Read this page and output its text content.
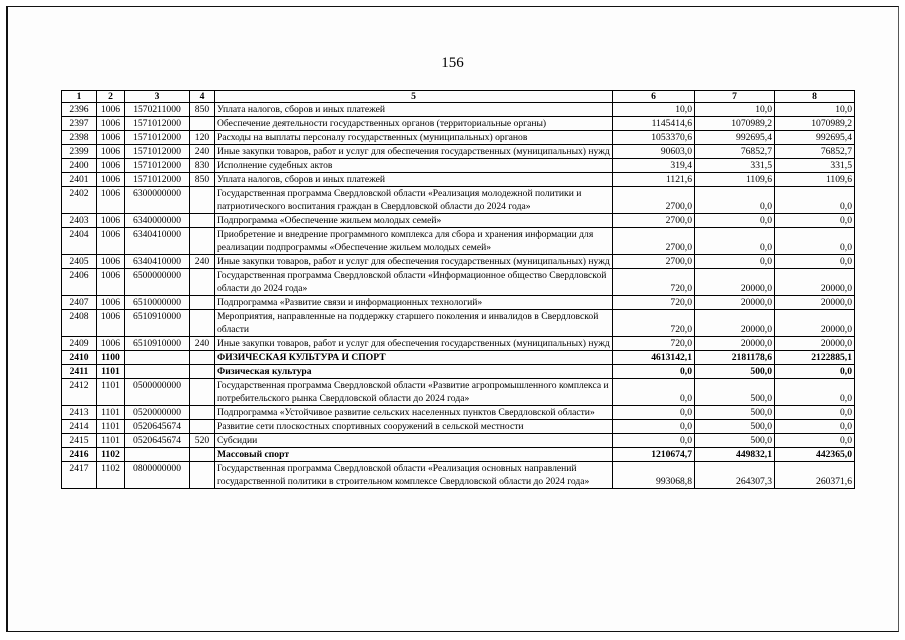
156
1	2	3	4	5	6	7	8
2396	1006	1570211000	850	Уплата налогов, сборов и иных платежей	10,0	10,0	10,0
2397	1006	1571012000		Обеспечение деятельности государственных органов (территориальные органы)	1145414,6	1070989,2	1070989,2
2398	1006	1571012000	120	Расходы на выплаты персоналу государственных (муниципальных) органов	1053370,6	992695,4	992695,4
2399	1006	1571012000	240	Иные закупки товаров, работ и услуг для обеспечения государственных (муниципальных) нужд	90603,0	76852,7	76852,7
2400	1006	1571012000	830	Исполнение судебных актов	319,4	331,5	331,5
2401	1006	1571012000	850	Уплата налогов, сборов и иных платежей	1121,6	1109,6	1109,6
2402	1006	6300000000		Государственная программа Свердловской области «Реализация молодежной политики и патриотического воспитания граждан в Свердловской области до 2024 года»	2700,0	0,0	0,0
2403	1006	6340000000		Подпрограмма «Обеспечение жильем молодых семей»	2700,0	0,0	0,0
2404	1006	6340410000		Приобретение и внедрение программного комплекса для сбора и хранения информации для реализации подпрограммы «Обеспечение жильем молодых семей»	2700,0	0,0	0,0
2405	1006	6340410000	240	Иные закупки товаров, работ и услуг для обеспечения государственных (муниципальных) нужд	2700,0	0,0	0,0
2406	1006	6500000000		Государственная программа Свердловской области «Информационное общество Свердловской области до 2024 года»	720,0	20000,0	20000,0
2407	1006	6510000000		Подпрограмма «Развитие связи и информационных технологий»	720,0	20000,0	20000,0
2408	1006	6510910000		Мероприятия, направленные на поддержку старшего поколения и инвалидов в Свердловской области	720,0	20000,0	20000,0
2409	1006	6510910000	240	Иные закупки товаров, работ и услуг для обеспечения государственных (муниципальных) нужд	720,0	20000,0	20000,0
2410	1100			ФИЗИЧЕСКАЯ КУЛЬТУРА И СПОРТ	4613142,1	2181178,6	2122885,1
2411	1101			Физическая культура	0,0	500,0	0,0
2412	1101	0500000000		Государственная программа Свердловской области «Развитие агропромышленного комплекса и потребительского рынка Свердловской области до 2024 года»	0,0	500,0	0,0
2413	1101	0520000000		Подпрограмма «Устойчивое развитие сельских населенных пунктов Свердловской области»	0,0	500,0	0,0
2414	1101	0520645674		Развитие сети плоскостных спортивных сооружений в сельской местности	0,0	500,0	0,0
2415	1101	0520645674	520	Субсидии	0,0	500,0	0,0
2416	1102			Массовый спорт	1210674,7	449832,1	442365,0
2417	1102	0800000000		Государственная программа Свердловской области «Реализация основных направлений государственной политики в строительном комплексе Свердловской области до 2024 года»	993068,8	264307,3	260371,6
